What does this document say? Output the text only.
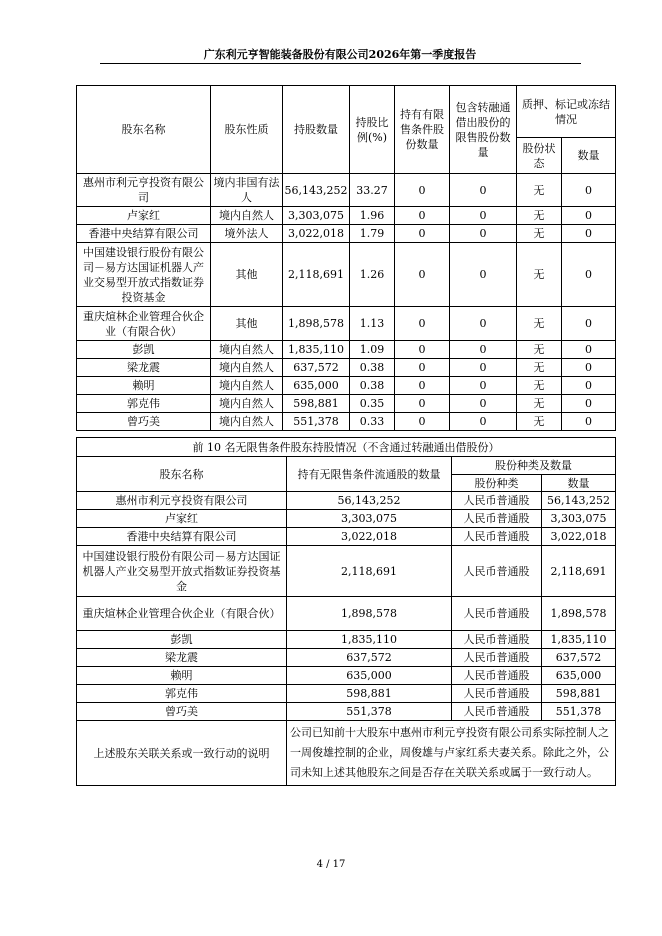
广东利元亨智能装备股份有限公司2026年第一季度报告
股东名称	股东性质	持股数量	持股比例(%)	持有有限售条件股份数量	包含转融通借出股份的限售股份数量	质押、标记或冻结情况	
						股份状态	数量
惠州市利元亨投资有限公司	境内非国有法人	56,143,252	33.27	0	0	无	0
卢家红	境内自然人	3,303,075	1.96	0	0	无	0
香港中央结算有限公司	境外法人	3,022,018	1.79	0	0	无	0
中国建设银行股份有限公司－易方达国证机器人产业交易型开放式指数证券投资基金	其他	2,118,691	1.26	0	0	无	0
重庆煊林企业管理合伙企业（有限合伙）	其他	1,898,578	1.13	0	0	无	0
彭凯	境内自然人	1,835,110	1.09	0	0	无	0
梁龙震	境内自然人	637,572	0.38	0	0	无	0
赖明	境内自然人	635,000	0.38	0	0	无	0
郭克伟	境内自然人	598,881	0.35	0	0	无	0
曾巧美	境内自然人	551,378	0.33	0	0	无	0
前 10 名无限售条件股东持股情况（不含通过转融通出借股份）			
股东名称	持有无限售条件流通股的数量	股份种类及数量	
		股份种类	数量
惠州市利元亨投资有限公司	56,143,252	人民币普通股	56,143,252
卢家红	3,303,075	人民币普通股	3,303,075
香港中央结算有限公司	3,022,018	人民币普通股	3,022,018
中国建设银行股份有限公司－易方达国证机器人产业交易型开放式指数证券投资基金	2,118,691	人民币普通股	2,118,691
重庆煊林企业管理合伙企业（有限合伙）	1,898,578	人民币普通股	1,898,578
彭凯	1,835,110	人民币普通股	1,835,110
梁龙震	637,572	人民币普通股	637,572
赖明	635,000	人民币普通股	635,000
郭克伟	598,881	人民币普通股	598,881
曾巧美	551,378	人民币普通股	551,378
上述股东关联关系或一致行动的说明	公司已知前十大股东中惠州市利元亨投资有限公司系实际控制人之一周俊雄控制的企业，周俊雄与卢家红系夫妻关系。除此之外，公司未知上述其他股东之间是否存在关联关系或属于一致行动人。		
4 / 17
